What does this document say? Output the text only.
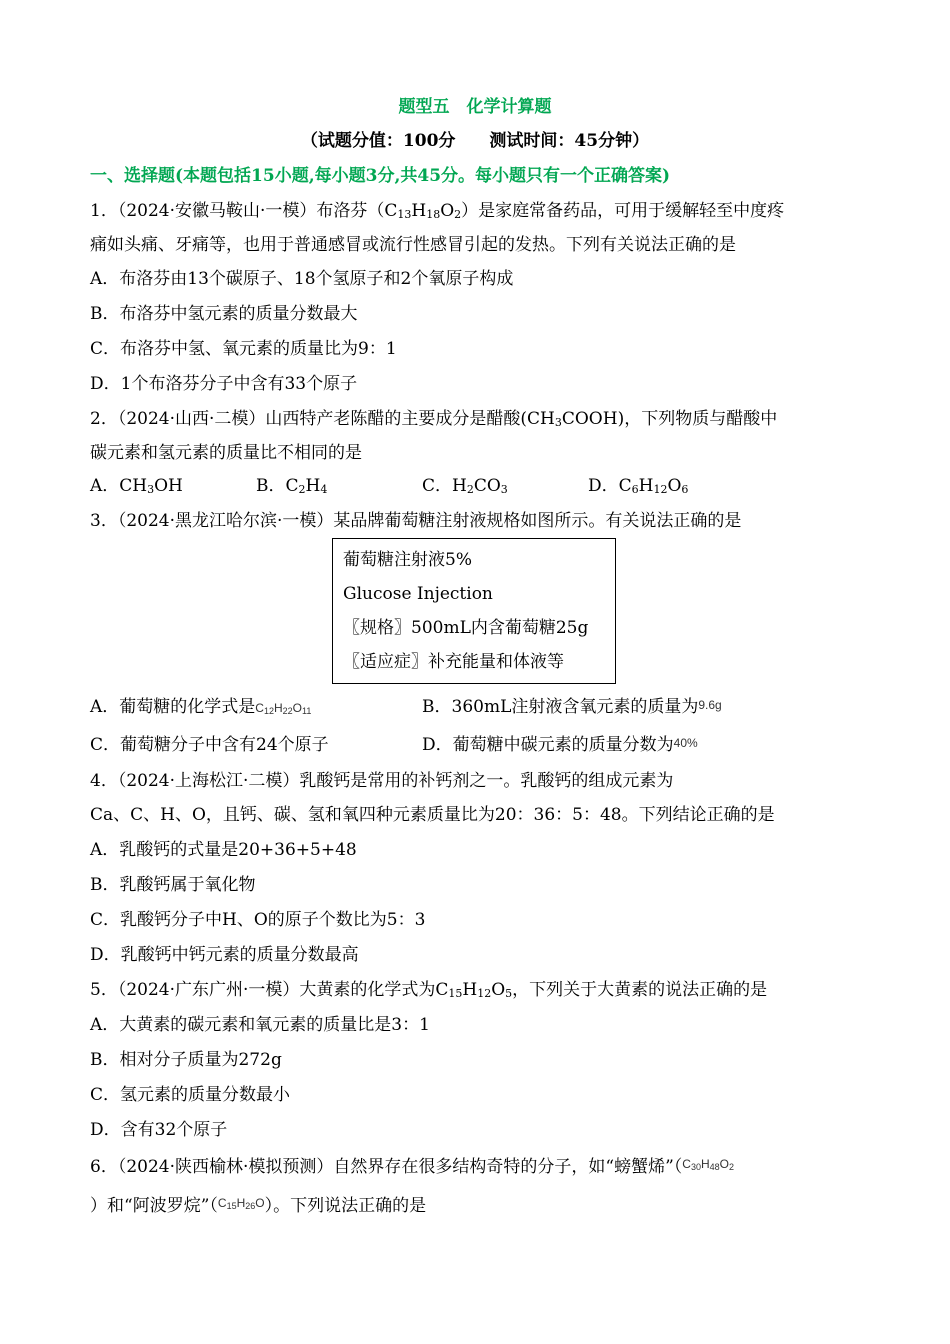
题型五　化学计算题
（试题分值：100分　　测试时间：45分钟）
一、选择题(本题包括15小题,每小题3分,共45分。每小题只有一个正确答案)
1．（2024·安徽马鞍山·一模）布洛芬$(C_{13}H_{18}O_2)$是家庭常备药品，可用于缓解轻至中度疼
痛如头痛、牙痛等，也用于普通感冒或流行性感冒引起的发热。下列有关说法正确的是
A．布洛芬由13个碳原子、18个氢原子和2个氧原子构成
B．布洛芬中氢元素的质量分数最大
C．布洛芬中氢、氧元素的质量比为9：1
D．1个布洛芬分子中含有33个原子
2．（2024·山西·二模）山西特产老陈醋的主要成分是醋酸$(CH_3COOH)$，下列物质与醋酸中
碳元素和氢元素的质量比不相同的是
A．$CH_3OH$	B．$C_2H_4$	C．$H_2CO_3$	D．$C_6H_{12}O_6$
3．（2024·黑龙江哈尔滨·一模）某品牌葡萄糖注射液规格如图所示。有关说法正确的是
葡萄糖注射液5%
Glucose Injection
〖规格〗500mL内含葡萄糖25g
〖适应症〗补充能量和体液等
A．葡萄糖的化学式是$C_{12}H_{22}O_{11}$	B．360mL注射液含氧元素的质量为9.6g
C．葡萄糖分子中含有24个原子	D．葡萄糖中碳元素的质量分数为40%
4．（2024·上海松江·二模）乳酸钙是常用的补钙剂之一。乳酸钙的组成元素为
Ca、C、H、O，且钙、碳、氢和氧四种元素质量比为20：36：5：48。下列结论正确的是
A．乳酸钙的式量是20+36+5+48
B．乳酸钙属于氧化物
C．乳酸钙分子中H、O的原子个数比为5：3
D．乳酸钙中钙元素的质量分数最高
5．（2024·广东广州·一模）大黄素的化学式为$C_{15}H_{12}O_5$，下列关于大黄素的说法正确的是
A．大黄素的碳元素和氧元素的质量比是3：1
B．相对分子质量为272g
C．氢元素的质量分数最小
D．含有32个原子
6．（2024·陕西榆林·模拟预测）自然界存在很多结构奇特的分子，如“螃蟹烯”（$^{C_{30}H_{48}O_2}$
）和“阿波罗烷”（$^{C_{15}H_{26}O}$）。下列说法正确的是
